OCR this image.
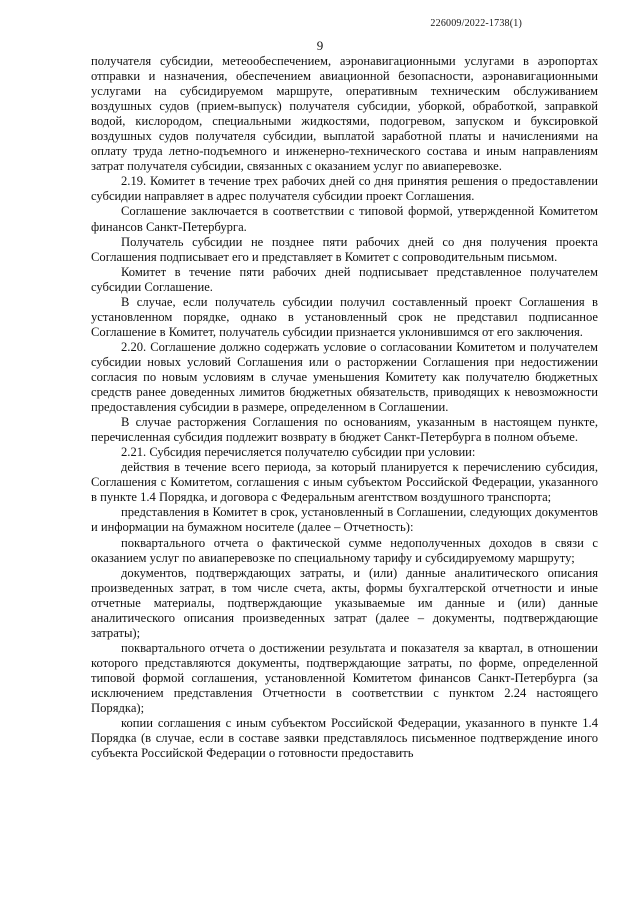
226009/2022-1738(1)
9

получателя субсидии, метеообеспечением, аэронавигационными услугами в аэропортах отправки и назначения, обеспечением авиационной безопасности, аэронавигационными услугами на субсидируемом маршруте, оперативным техническим обслуживанием воздушных судов (прием-выпуск) получателя субсидии, уборкой, обработкой, заправкой водой, кислородом, специальными жидкостями, подогревом, запуском и буксировкой воздушных судов получателя субсидии, выплатой заработной платы и начислениями на оплату труда летно-подъемного и инженерно-технического состава и иным направлениям затрат получателя субсидии, связанных с оказанием услуг по авиаперевозке.

2.19. Комитет в течение трех рабочих дней со дня принятия решения о предоставлении субсидии направляет в адрес получателя субсидии проект Соглашения.

Соглашение заключается в соответствии с типовой формой, утвержденной Комитетом финансов Санкт-Петербурга.

Получатель субсидии не позднее пяти рабочих дней со дня получения проекта Соглашения подписывает его и представляет в Комитет с сопроводительным письмом.

Комитет в течение пяти рабочих дней подписывает представленное получателем субсидии Соглашение.

В случае, если получатель субсидии получил составленный проект Соглашения в установленном порядке, однако в установленный срок не представил подписанное Соглашение в Комитет, получатель субсидии признается уклонившимся от его заключения.

2.20. Соглашение должно содержать условие о согласовании Комитетом и получателем субсидии новых условий Соглашения или о расторжении Соглашения при недостижении согласия по новым условиям в случае уменьшения Комитету как получателю бюджетных средств ранее доведенных лимитов бюджетных обязательств, приводящих к невозможности предоставления субсидии в размере, определенном в Соглашении.

В случае расторжения Соглашения по основаниям, указанным в настоящем пункте, перечисленная субсидия подлежит возврату в бюджет Санкт-Петербурга в полном объеме.

2.21. Субсидия перечисляется получателю субсидии при условии:

действия в течение всего периода, за который планируется к перечислению субсидия, Соглашения с Комитетом, соглашения с иным субъектом Российской Федерации, указанного в пункте 1.4 Порядка, и договора с Федеральным агентством воздушного транспорта;

представления в Комитет в срок, установленный в Соглашении, следующих документов и информации на бумажном носителе (далее – Отчетность):

поквартального отчета о фактической сумме недополученных доходов в связи с оказанием услуг по авиаперевозке по специальному тарифу и субсидируемому маршруту;

документов, подтверждающих затраты, и (или) данные аналитического описания произведенных затрат, в том числе счета, акты, формы бухгалтерской отчетности и иные отчетные материалы, подтверждающие указываемые им данные и (или) данные аналитического описания произведенных затрат (далее – документы, подтверждающие затраты);

поквартального отчета о достижении результата и показателя за квартал, в отношении которого представляются документы, подтверждающие затраты, по форме, определенной типовой формой соглашения, установленной Комитетом финансов Санкт-Петербурга (за исключением представления Отчетности в соответствии с пунктом 2.24 настоящего Порядка);

копии соглашения с иным субъектом Российской Федерации, указанного в пункте 1.4 Порядка (в случае, если в составе заявки представлялось письменное подтверждение иного субъекта Российской Федерации о готовности предоставить
